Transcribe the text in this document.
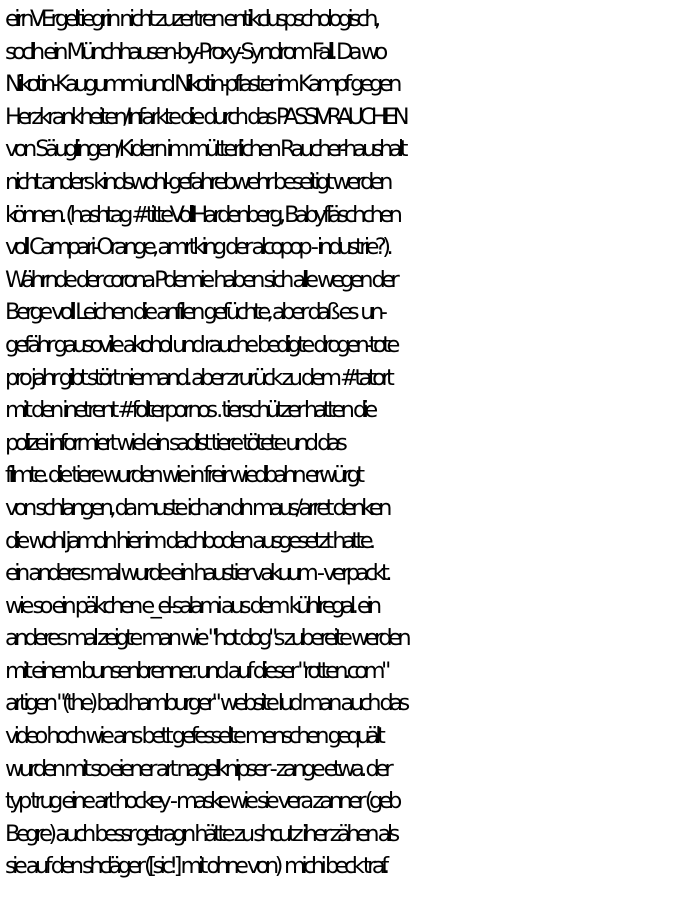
eirnVErgeltiegrin nicht zuzertren entikcluspschologisch,
soclh ein Münchhausen-by-Proxy-Syndrom Fall. Da wo
Nikotin-Kaugummi und Nikotin-pflaster im Kampf gegen
Herzkrankheiten/Infarkte die durch das PASSIVRAUCHEN
von Säuglingen/Kidern im mütterlichen Raucher-haushalt
nicht anders kindswohl-gefahrebwehr beseitigt werden
können. (hashtag #titteVollHardenberg, Babyfläschchen
voll Campari-Orange, amrtking der alcopop - industrie?).
Währnde der corona Pdemie haben sich alle wegen der
Berge voll Leichen die anfilen gefüchte, aber daß es  un-
gefähr gausovile akohol und rauche bedigte drogen-tote
pro jahr gibt stört niemand. aber zrurück zu dem #tatort
mit den inetrent #folterpornos . tierschützer hatten die
polizei informiert wiel ein sadist tiere tötete und das
filmte. die tiere wurden wie in freir wiedbahn erwürgt
von schlangen, da muste ich an dn maus/arret denken
die wohl jamdn hier im dachboden ausgesetzt hatte.
ein anderes mal wurde ein haustier vakuum - verpackt.
wie so ein päkchen e_el-salami aus dem kühlregal. ein
anderes mal zeigte man wie "hot dog"s zubereite werden
mit einem bunsenbrenner. und auf dieser "rotten.com"
artigen "(the) bad hamburger" website lud man auch das
video hoch wie ans bett gefesselte menschen gequält
wurden mit so eiener art nagelknipser - zange etwa. der
typ trug eine art hockey - maske wie sie vera zanner (geb
Begre) auch bessr getragn hätte zu shcutz iher zähen als
sie auf den shcläger ([sic!] mit ohne von)  michi beck traf.
